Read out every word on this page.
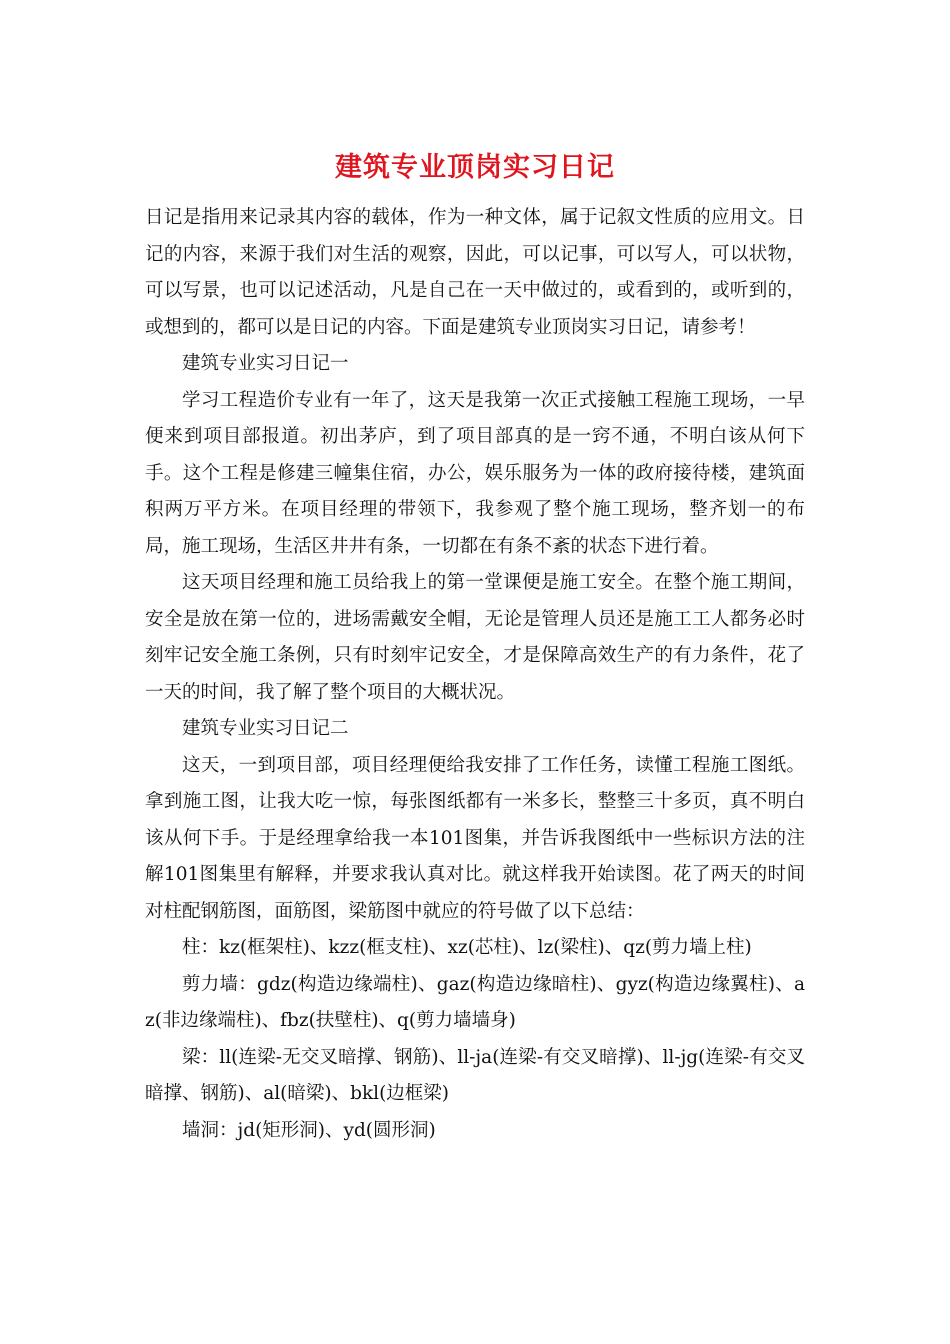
建筑专业顶岗实习日记

日记是指用来记录其内容的载体，作为一种文体，属于记叙文性质的应用文。日记的内容，来源于我们对生活的观察，因此，可以记事，可以写人，可以状物，可以写景，也可以记述活动，凡是自己在一天中做过的，或看到的，或听到的，或想到的，都可以是日记的内容。下面是建筑专业顶岗实习日记，请参考！

建筑专业实习日记一

学习工程造价专业有一年了，这天是我第一次正式接触工程施工现场，一早便来到项目部报道。初出茅庐，到了项目部真的是一窍不通，不明白该从何下手。这个工程是修建三幢集住宿，办公，娱乐服务为一体的政府接待楼，建筑面积两万平方米。在项目经理的带领下，我参观了整个施工现场，整齐划一的布局，施工现场，生活区井井有条，一切都在有条不紊的状态下进行着。

这天项目经理和施工员给我上的第一堂课便是施工安全。在整个施工期间，安全是放在第一位的，进场需戴安全帽，无论是管理人员还是施工工人都务必时刻牢记安全施工条例，只有时刻牢记安全，才是保障高效生产的有力条件，花了一天的时间，我了解了整个项目的大概状况。

建筑专业实习日记二

这天，一到项目部，项目经理便给我安排了工作任务，读懂工程施工图纸。拿到施工图，让我大吃一惊，每张图纸都有一米多长，整整三十多页，真不明白该从何下手。于是经理拿给我一本101图集，并告诉我图纸中一些标识方法的注解101图集里有解释，并要求我认真对比。就这样我开始读图。花了两天的时间对柱配钢筋图，面筋图，梁筋图中就应的符号做了以下总结：

柱：kz(框架柱)、kzz(框支柱)、xz(芯柱)、lz(梁柱)、qz(剪力墙上柱)

剪力墙：gdz(构造边缘端柱)、gaz(构造边缘暗柱)、gyz(构造边缘翼柱)、az(非边缘端柱)、fbz(扶壁柱)、q(剪力墙墙身)

梁：ll(连梁-无交叉暗撑、钢筋)、ll-ja(连梁-有交叉暗撑)、ll-jg(连梁-有交叉暗撑、钢筋)、al(暗梁)、bkl(边框梁)

墙洞：jd(矩形洞)、yd(圆形洞)
